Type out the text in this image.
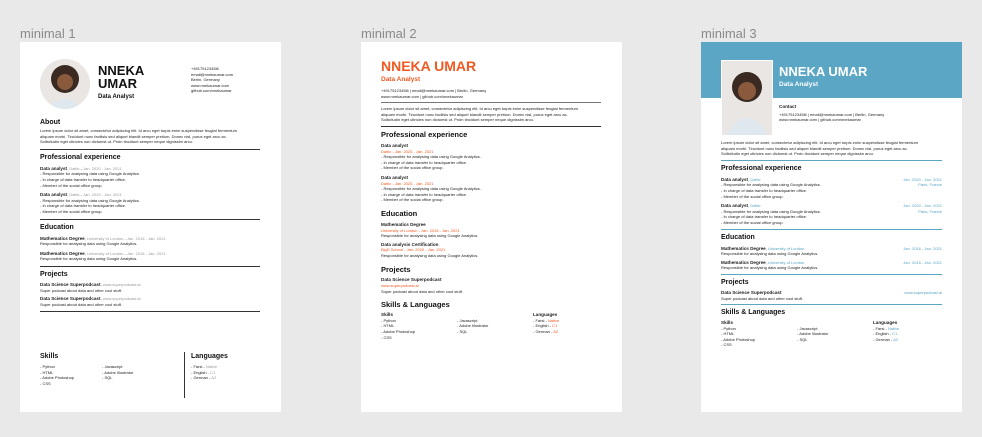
minimal 1	minimal 2	minimal 3
NNEKA
UMAR
Data Analyst
+4917512345l6
email@nnekaumar.com
Berlin, Germany
www.nnekaumar.com
github.com/nnekaumar
About
Lorem ipsum dolor sit amet, consectetur adipiscing elit. Id arcu eget turpis enim suspendisse feugiat fermentum
aliquam morbi. Tincidunt nunc facilisis sed aliquet blandit semper pretium. Donec nisl, purus eget arcu ac.
Sollicitudin eget ultricies non dictumst ut. Proin tincidunt semper neque dignissim arcu.
Professional experience
Data analyst, Dattic - Jan. 2020 - Jan. 2021
- Responsible for analysing data using Google Analytics.
- In charge of data transfer to headquarter office.
- Member of the social office group.
Data analyst, Dattic - Jan. 2020 - Jan. 2021
- Responsible for analysing data using Google Analytics.
- In charge of data transfer to headquarter office.
- Member of the social office group.
Education
Mathematics Degree, University of London - Jan. 2016 - Jan. 2021
Responsible for analysing data using Google Analytics.
Mathematics Degree, University of London - Jan. 2016 - Jan. 2021
Responsible for analysing data using Google Analytics.
Projects
Data Science Superpodcast, www.superpodcast.ai
Super podcast about data and other cool stuff.
Data Science Superpodcast, www.superpodcast.ai
Super podcast about data and other cool stuff.
Skills
- Python
- HTML
- Adobe Photoshop
- CSS
- Javascript
- Adobe Illustrator
- SQL
Languages
- Farsi - Native
- English - C1
- German - A2
NNEKA UMAR
Data Analyst
+4917512345l6 | email@nnekaumar.com | Berlin, Germany
www.nnekaumar.com | github.com/nnekaumar
Lorem ipsum dolor sit amet, consectetur adipiscing elit. Id arcu eget turpis enim suspendisse feugiat fermentum
aliquam morbi. Tincidunt nunc facilisis sed aliquet blandit semper pretium. Donec nisl, purus eget arcu ac.
Sollicitudin eget ultricies non dictumst ut. Proin tincidunt semper neque dignissim arcu.
Professional experience
Data analyst
Dattic - Jan. 2020 - Jan. 2021
- Responsible for analysing data using Google Analytics.
- In charge of data transfer to headquarter office.
- Member of the social office group.
Data analyst
Dattic - Jan. 2020 - Jan. 2021
- Responsible for analysing data using Google Analytics.
- In charge of data transfer to headquarter office.
- Member of the social office group.
Education
Mathematics Degree
University of London - Jan. 2016 - Jan. 2021
Responsible for analysing data using Google Analytics.
Data analysis Certification
BigD School - Jan. 2020 - Jan. 2021
Responsible for analysing data using Google Analytics.
Projects
Data Science Superpodcast
www.superpodcast.ai
Super podcast about data and other cool stuff.
Skills & Languages
Skills
- Python
- HTML
- Adobe Photoshop
- CSS
- Javascript
- Adobe Illustrator
- SQL
Languages
- Farsi - Native
- English - C1
- German - A2
NNEKA UMAR
Data Analyst
Contact
+4917512345l6 | email@nnekaumar.com | Berlin, Germany
www.nnekaumar.com | github.com/nnekaumar
Lorem ipsum dolor sit amet, consectetur adipiscing elit. Id arcu eget turpis enim suspendisse feugiat fermentum
aliquam morbi. Tincidunt nunc facilisis sed aliquet blandit semper pretium. Donec nisl, purus eget arcu ac.
Sollicitudin eget ultricies non dictumst ut. Proin tincidunt semper neque dignissim arcu.
Professional experience
Data analyst, Dattic	Jan. 2020 - Jan. 2021
- Responsible for analysing data using Google Analytics.	Paris, France
- In charge of data transfer to headquarter office.
- Member of the social office group.
Data analyst, Dattic	Jan. 2020 - Jan. 2021
- Responsible for analysing data using Google Analytics.	Paris, France
- In charge of data transfer to headquarter office.
- Member of the social office group.
Education
Mathematics Degree, University of London	Jan. 2016 - Jan. 2021
Responsible for analysing data using Google Analytics.
Mathematics Degree, University of London	Jan. 2016 - Jan. 2021
Responsible for analysing data using Google Analytics.
Projects
Data Science Superpodcast	www.superpodcast.ai
Super podcast about data and other cool stuff.
Skills & Languages
Skills
- Python
- HTML
- Adobe Photoshop
- CSS
- Javascript
- Adobe Illustrator
- SQL
Languages
- Farsi - Native
- English - C1
- German - A2
